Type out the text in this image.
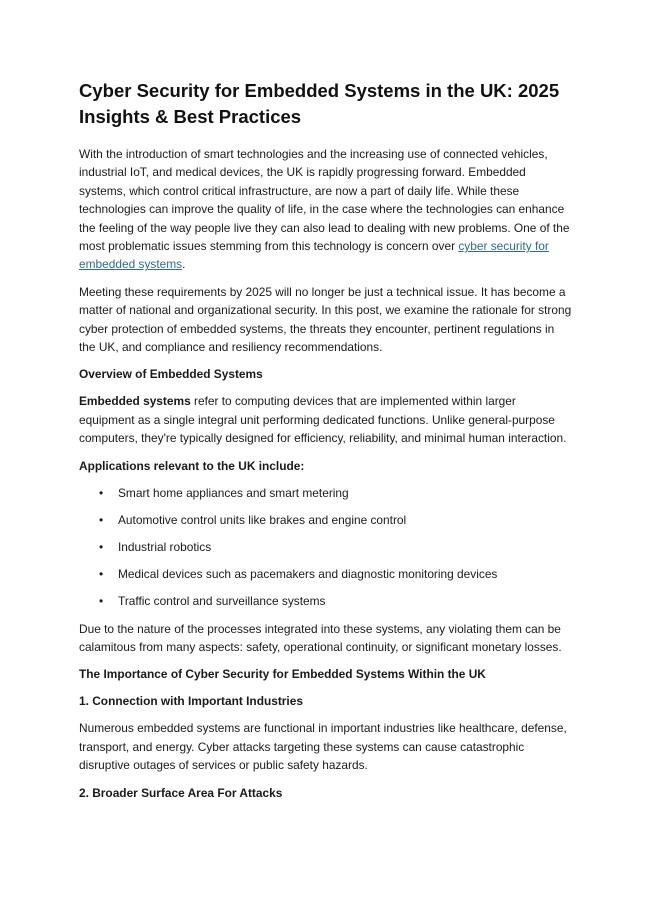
Cyber Security for Embedded Systems in the UK: 2025 Insights & Best Practices

With the introduction of smart technologies and the increasing use of connected vehicles, industrial IoT, and medical devices, the UK is rapidly progressing forward. Embedded systems, which control critical infrastructure, are now a part of daily life. While these technologies can improve the quality of life, in the case where the technologies can enhance the feeling of the way people live they can also lead to dealing with new problems. One of the most problematic issues stemming from this technology is concern over cyber security for embedded systems.

Meeting these requirements by 2025 will no longer be just a technical issue. It has become a matter of national and organizational security. In this post, we examine the rationale for strong cyber protection of embedded systems, the threats they encounter, pertinent regulations in the UK, and compliance and resiliency recommendations.

Overview of Embedded Systems

Embedded systems refer to computing devices that are implemented within larger equipment as a single integral unit performing dedicated functions. Unlike general-purpose computers, they're typically designed for efficiency, reliability, and minimal human interaction.

Applications relevant to the UK include:
• Smart home appliances and smart metering
• Automotive control units like brakes and engine control
• Industrial robotics
• Medical devices such as pacemakers and diagnostic monitoring devices
• Traffic control and surveillance systems

Due to the nature of the processes integrated into these systems, any violating them can be calamitous from many aspects: safety, operational continuity, or significant monetary losses.

The Importance of Cyber Security for Embedded Systems Within the UK
1. Connection with Important Industries

Numerous embedded systems are functional in important industries like healthcare, defense, transport, and energy. Cyber attacks targeting these systems can cause catastrophic disruptive outages of services or public safety hazards.

2. Broader Surface Area For Attacks
